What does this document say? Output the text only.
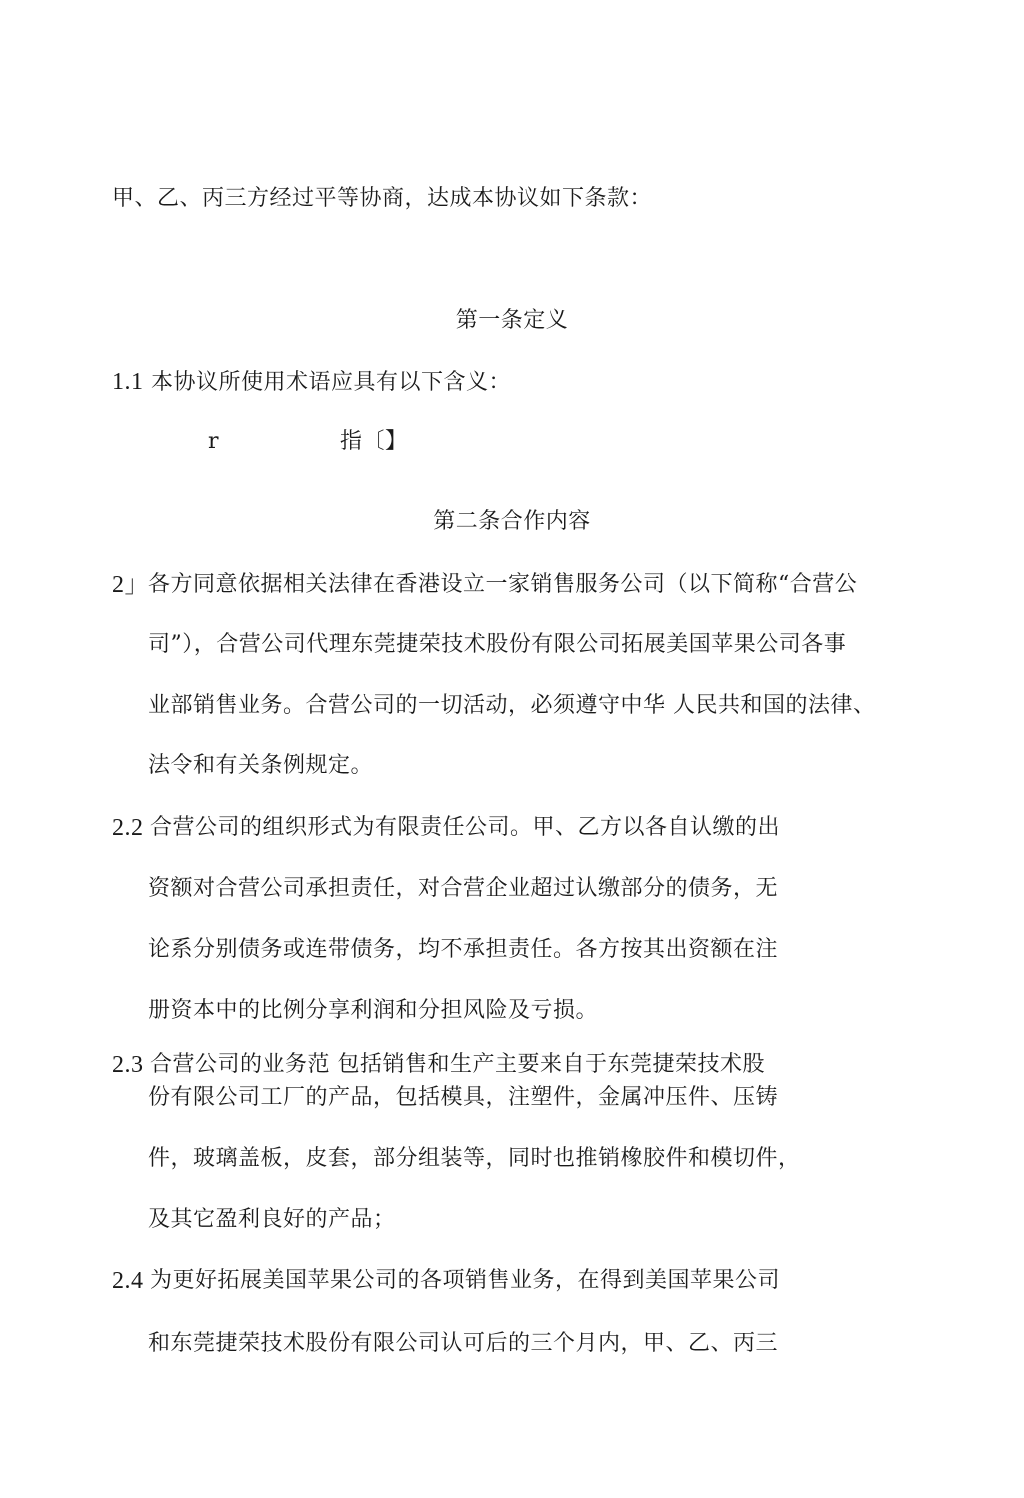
甲、乙、丙三方经过平等协商，达成本协议如下条款：
第一条定义
1.1 本协议所使用术语应具有以下含义：
r	指〔】
第二条合作内容
2」 各方同意依据相关法律在香港设立一家销售服务公司（以下简称“合营公
司”），合营公司代理东莞捷荣技术股份有限公司拓展美国苹果公司各事
业部销售业务。合营公司的一切活动，必须遵守中华 人民共和国的法律、
法令和有关条例规定。
2.2 合营公司的组织形式为有限责任公司。甲、乙方以各自认缴的出
资额对合营公司承担责任，对合营企业超过认缴部分的债务，无
论系分别债务或连带债务，均不承担责任。各方按其出资额在注
册资本中的比例分享利润和分担风险及亏损。
2.3 合营公司的业务范 包括销售和生产主要来自于东莞捷荣技术股
份有限公司工厂的产品，包括模具，注塑件，金属冲压件、压铸
件，玻璃盖板，皮套，部分组装等，同时也推销橡胶件和模切件，
及其它盈利良好的产品；
2.4 为更好拓展美国苹果公司的各项销售业务，在得到美国苹果公司
和东莞捷荣技术股份有限公司认可后的三个月内，甲、乙、丙三
